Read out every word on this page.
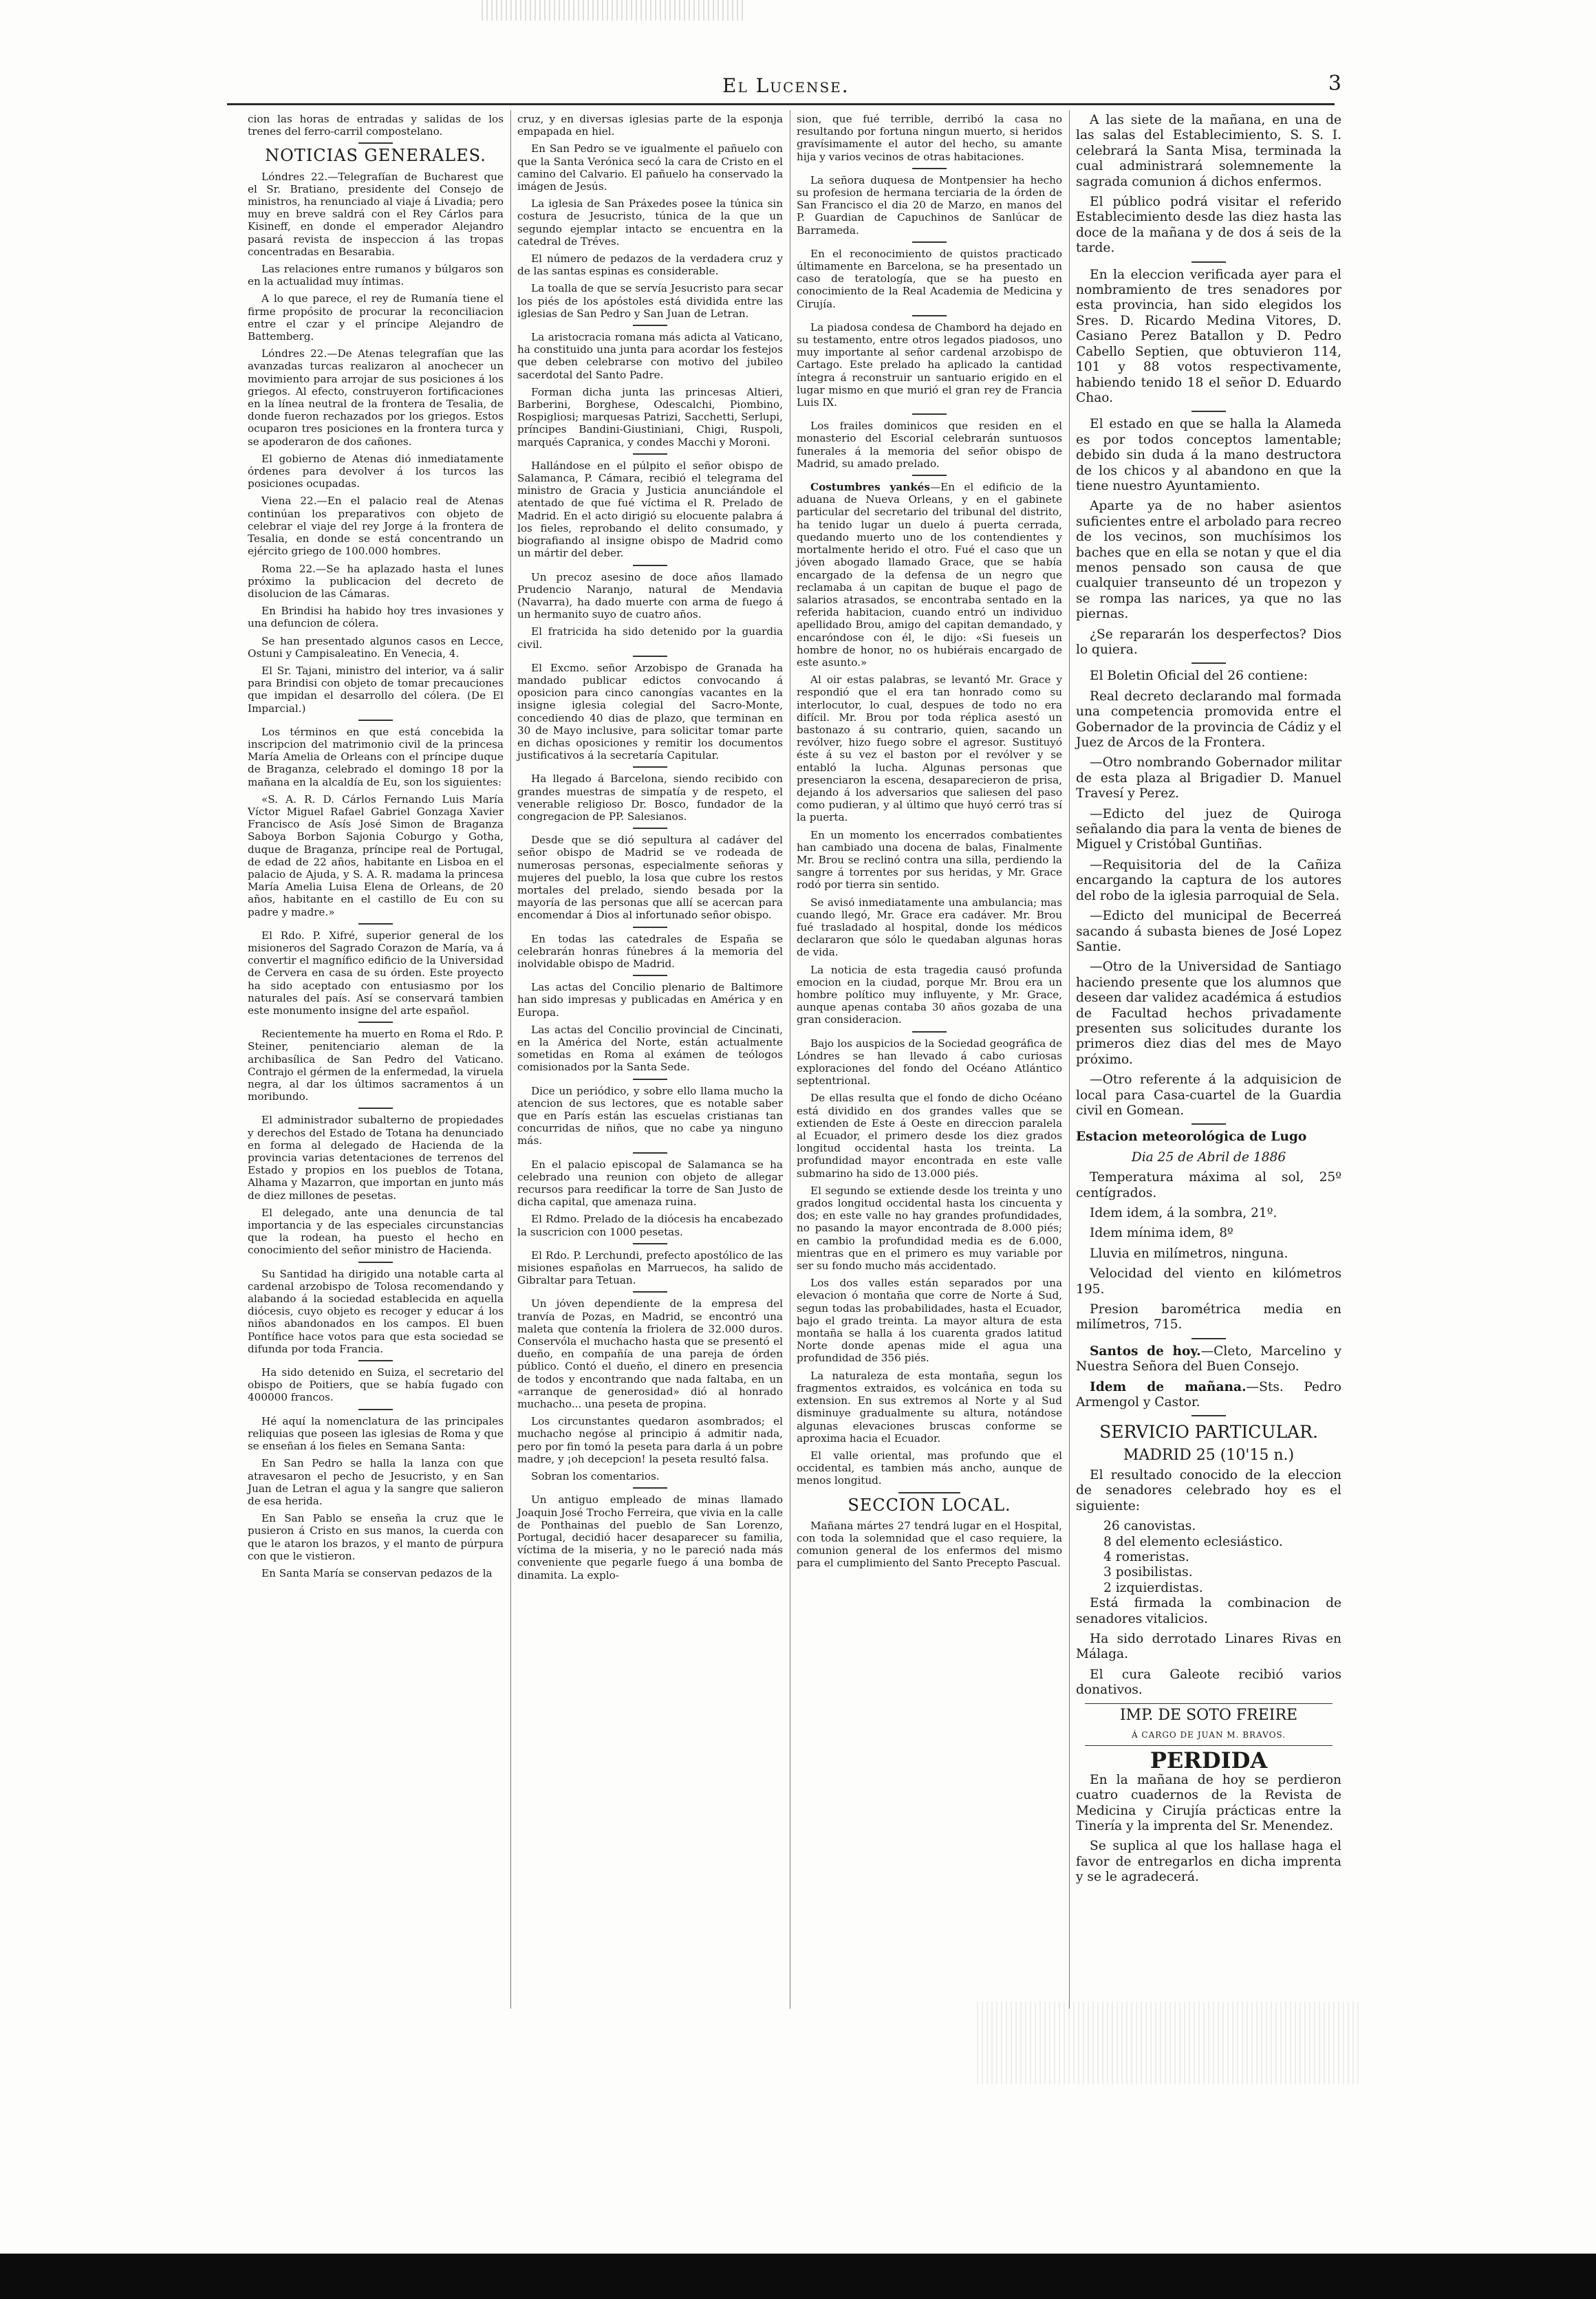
El Lucense.	3

cion las horas de entradas y salidas de los trenes del ferro-carril compostelano.

NOTICIAS GENERALES.

Lóndres 22.—Telegrafían de Bucharest que el Sr. Bratiano, presidente del Consejo de ministros, ha renunciado al viaje á Livadia; pero muy en breve saldrá con el Rey Cárlos para Kisineff, en donde el emperador Alejandro pasará revista de inspeccion á las tropas concentradas en Besarabia.

Las relaciones entre rumanos y búlgaros son en la actualidad muy íntimas.

A lo que parece, el rey de Rumanía tiene el firme propósito de procurar la reconciliacion entre el czar y el príncipe Alejandro de Battemberg.

Lóndres 22.—De Atenas telegrafían que las avanzadas turcas realizaron al anochecer un movimiento para arrojar de sus posiciones á los griegos. Al efecto, construyeron fortificaciones en la línea neutral de la frontera de Tesalia, de donde fueron rechazados por los griegos. Estos ocuparon tres posiciones en la frontera turca y se apoderaron de dos cañones.

El gobierno de Atenas dió inmediatamente órdenes para devolver á los turcos las posiciones ocupadas.

Viena 22.—En el palacio real de Atenas continúan los preparativos con objeto de celebrar el viaje del rey Jorge á la frontera de Tesalia, en donde se está concentrando un ejército griego de 100.000 hombres.

Roma 22.—Se ha aplazado hasta el lunes próximo la publicacion del decreto de disolucion de las Cámaras.

En Brindisi ha habido hoy tres invasiones y una defuncion de cólera.

Se han presentado algunos casos en Lecce, Ostuni y Campisaleatino. En Venecia, 4.

El Sr. Tajani, ministro del interior, va á salir para Brindisi con objeto de tomar precauciones que impidan el desarrollo del cólera. (De El Imparcial.)

Los términos en que está concebida la inscripcion del matrimonio civil de la princesa María Amelia de Orleans con el príncipe duque de Braganza, celebrado el domingo 18 por la mañana en la alcaldía de Eu, son los siguientes:

«S. A. R. D. Cárlos Fernando Luis María Víctor Miguel Rafael Gabriel Gonzaga Xavier Francisco de Asís José Simon de Braganza Saboya Borbon Sajonia Coburgo y Gotha, duque de Braganza, príncipe real de Portugal, de edad de 22 años, habitante en Lisboa en el palacio de Ajuda, y S. A. R. madama la princesa María Amelia Luisa Elena de Orleans, de 20 años, habitante en el castillo de Eu con su padre y madre.»

El Rdo. P. Xifré, superior general de los misioneros del Sagrado Corazon de María, va á convertir el magnífico edificio de la Universidad de Cervera en casa de su órden. Este proyecto ha sido aceptado con entusiasmo por los naturales del país. Así se conservará tambien este monumento insigne del arte español.

Recientemente ha muerto en Roma el Rdo. P. Steiner, penitenciario aleman de la archibasílica de San Pedro del Vaticano. Contrajo el gérmen de la enfermedad, la viruela negra, al dar los últimos sacramentos á un moribundo.

El administrador subalterno de propiedades y derechos del Estado de Totana ha denunciado en forma al delegado de Hacienda de la provincia varias detentaciones de terrenos del Estado y propios en los pueblos de Totana, Alhama y Mazarron, que importan en junto más de diez millones de pesetas.

El delegado, ante una denuncia de tal importancia y de las especiales circunstancias que la rodean, ha puesto el hecho en conocimiento del señor ministro de Hacienda.

Su Santidad ha dirigido una notable carta al cardenal arzobispo de Tolosa recomendando y alabando á la sociedad establecida en aquella diócesis, cuyo objeto es recoger y educar á los niños abandonados en los campos. El buen Pontífice hace votos para que esta sociedad se difunda por toda Francia.

Ha sido detenido en Suiza, el secretario del obispo de Poitiers, que se había fugado con 400000 francos.

Hé aquí la nomenclatura de las principales reliquias que poseen las iglesias de Roma y que se enseñan á los fieles en Semana Santa:

En San Pedro se halla la lanza con que atravesaron el pecho de Jesucristo, y en San Juan de Letran el agua y la sangre que salieron de esa herida.

En San Pablo se enseña la cruz que le pusieron á Cristo en sus manos, la cuerda con que le ataron los brazos, y el manto de púrpura con que le vistieron.

En Santa María se conservan pedazos de la

cruz, y en diversas iglesias parte de la esponja empapada en hiel.

En San Pedro se ve igualmente el pañuelo con que la Santa Verónica secó la cara de Cristo en el camino del Calvario. El pañuelo ha conservado la imágen de Jesús.

La iglesia de San Práxedes posee la túnica sin costura de Jesucristo, túnica de la que un segundo ejemplar intacto se encuentra en la catedral de Tréves.

El número de pedazos de la verdadera cruz y de las santas espinas es considerable.

La toalla de que se servía Jesucristo para secar los piés de los apóstoles está dividida entre las iglesias de San Pedro y San Juan de Letran.

La aristocracia romana más adicta al Vaticano, ha constituido una junta para acordar los festejos que deben celebrarse con motivo del jubileo sacerdotal del Santo Padre.

Forman dicha junta las princesas Altieri, Barberini, Borghese, Odescalchi, Piombino, Rospigliosi; marquesas Patrizi, Sacchetti, Serlupi, príncipes Bandini-Giustiniani, Chigi, Ruspoli, marqués Capranica, y condes Macchi y Moroni.

Hallándose en el púlpito el señor obispo de Salamanca, P. Cámara, recibió el telegrama del ministro de Gracia y Justicia anunciándole el atentado de que fué víctima el R. Prelado de Madrid. En el acto dirigió su elocuente palabra á los fieles, reprobando el delito consumado, y biografiando al insigne obispo de Madrid como un mártir del deber.

Un precoz asesino de doce años llamado Prudencio Naranjo, natural de Mendavia (Navarra), ha dado muerte con arma de fuego á un hermanito suyo de cuatro años.

El fratricida ha sido detenido por la guardia civil.

El Excmo. señor Arzobispo de Granada ha mandado publicar edictos convocando á oposicion para cinco canongías vacantes en la insigne iglesia colegial del Sacro-Monte, concediendo 40 dias de plazo, que terminan en 30 de Mayo inclusive, para solicitar tomar parte en dichas oposiciones y remitir los documentos justificativos á la secretaría Capitular.

Ha llegado á Barcelona, siendo recibido con grandes muestras de simpatía y de respeto, el venerable religioso Dr. Bosco, fundador de la congregacion de PP. Salesianos.

Desde que se dió sepultura al cadáver del señor obispo de Madrid se ve rodeada de numerosas personas, especialmente señoras y mujeres del pueblo, la losa que cubre los restos mortales del prelado, siendo besada por la mayoría de las personas que allí se acercan para encomendar á Dios al infortunado señor obispo.

En todas las catedrales de España se celebrarán honras fúnebres á la memoria del inolvidable obispo de Madrid.

Las actas del Concilio plenario de Baltimore han sido impresas y publicadas en América y en Europa.

Las actas del Concilio provincial de Cincinati, en la América del Norte, están actualmente sometidas en Roma al exámen de teólogos comisionados por la Santa Sede.

Dice un periódico, y sobre ello llama mucho la atencion de sus lectores, que es notable saber que en París están las escuelas cristianas tan concurridas de niños, que no cabe ya ninguno más.

En el palacio episcopal de Salamanca se ha celebrado una reunion con objeto de allegar recursos para reedificar la torre de San Justo de dicha capital, que amenaza ruina.

El Rdmo. Prelado de la diócesis ha encabezado la suscricion con 1000 pesetas.

El Rdo. P. Lerchundi, prefecto apostólico de las misiones españolas en Marruecos, ha salido de Gibraltar para Tetuan.

Un jóven dependiente de la empresa del tranvía de Pozas, en Madrid, se encontró una maleta que contenía la friolera de 32.000 duros. Conservóla el muchacho hasta que se presentó el dueño, en compañía de una pareja de órden público. Contó el dueño, el dinero en presencia de todos y encontrando que nada faltaba, en un «arranque de generosidad» dió al honrado muchacho... una peseta de propina.

Los circunstantes quedaron asombrados; el muchacho negóse al principio á admitir nada, pero por fin tomó la peseta para darla á un pobre madre, y ¡oh decepcion! la peseta resultó falsa.

Sobran los comentarios.

Un antiguo empleado de minas llamado Joaquin José Trocho Ferreira, que vivia en la calle de Ponthainas del pueblo de San Lorenzo, Portugal, decidió hacer desaparecer su familia, víctima de la miseria, y no le pareció nada más conveniente que pegarle fuego á una bomba de dinamita. La explo-

sion, que fué terrible, derribó la casa no resultando por fortuna ningun muerto, si heridos gravísimamente el autor del hecho, su amante hija y varios vecinos de otras habitaciones.

La señora duquesa de Montpensier ha hecho su profesion de hermana terciaria de la órden de San Francisco el dia 20 de Marzo, en manos del P. Guardian de Capuchinos de Sanlúcar de Barrameda.

En el reconocimiento de quistos practicado últimamente en Barcelona, se ha presentado un caso de teratología, que se ha puesto en conocimiento de la Real Academia de Medicina y Cirujía.

La piadosa condesa de Chambord ha dejado en su testamento, entre otros legados piadosos, uno muy importante al señor cardenal arzobispo de Cartago. Este prelado ha aplicado la cantidad íntegra á reconstruir un santuario erigido en el lugar mismo en que murió el gran rey de Francia Luis IX.

Los frailes dominicos que residen en el monasterio del Escorial celebrarán suntuosos funerales á la memoria del señor obispo de Madrid, su amado prelado.

Costumbres yankés—En el edificio de la aduana de Nueva Orleans, y en el gabinete particular del secretario del tribunal del distrito, ha tenido lugar un duelo á puerta cerrada, quedando muerto uno de los contendientes y mortalmente herido el otro. Fué el caso que un jóven abogado llamado Grace, que se había encargado de la defensa de un negro que reclamaba á un capitan de buque el pago de salarios atrasados, se encontraba sentado en la referida habitacion, cuando entró un individuo apellidado Brou, amigo del capitan demandado, y encaróndose con él, le dijo: «Si fueseis un hombre de honor, no os hubiérais encargado de este asunto.»

Al oir estas palabras, se levantó Mr. Grace y respondió que el era tan honrado como su interlocutor, lo cual, despues de todo no era difícil. Mr. Brou por toda réplica asestó un bastonazo á su contrario, quien, sacando un revólver, hizo fuego sobre el agresor. Sustituyó éste á su vez el baston por el revólver y se entabló la lucha. Algunas personas que presenciaron la escena, desaparecieron de prisa, dejando á los adversarios que saliesen del paso como pudieran, y al último que huyó cerró tras sí la puerta.

En un momento los encerrados combatientes han cambiado una docena de balas, Finalmente Mr. Brou se reclinó contra una silla, perdiendo la sangre á torrentes por sus heridas, y Mr. Grace rodó por tierra sin sentido.

Se avisó inmediatamente una ambulancia; mas cuando llegó, Mr. Grace era cadáver. Mr. Brou fué trasladado al hospital, donde los médicos declararon que sólo le quedaban algunas horas de vida.

La noticia de esta tragedia causó profunda emocion en la ciudad, porque Mr. Brou era un hombre político muy influyente, y Mr. Grace, aunque apenas contaba 30 años gozaba de una gran consideracion.

Bajo los auspicios de la Sociedad geográfica de Lóndres se han llevado á cabo curiosas exploraciones del fondo del Océano Atlántico septentrional.

De ellas resulta que el fondo de dicho Océano está dividido en dos grandes valles que se extienden de Este á Oeste en direccion paralela al Ecuador, el primero desde los diez grados longitud occidental hasta los treinta. La profundidad mayor encontrada en este valle submarino ha sido de 13.000 piés.

El segundo se extiende desde los treinta y uno grados longitud occidental hasta los cincuenta y dos; en este valle no hay grandes profundidades, no pasando la mayor encontrada de 8.000 piés; en cambio la profundidad media es de 6.000, mientras que en el primero es muy variable por ser su fondo mucho más accidentado.

Los dos valles están separados por una elevacion ó montaña que corre de Norte á Sud, segun todas las probabilidades, hasta el Ecuador, bajo el grado treinta. La mayor altura de esta montaña se halla á los cuarenta grados latitud Norte donde apenas mide el agua una profundidad de 356 piés.

La naturaleza de esta montaña, segun los fragmentos extraidos, es volcánica en toda su extension. En sus extremos al Norte y al Sud disminuye gradualmente su altura, notándose algunas elevaciones bruscas conforme se aproxima hacia el Ecuador.

El valle oriental, mas profundo que el occidental, es tambien más ancho, aunque de menos longitud.

SECCION LOCAL.

Mañana mártes 27 tendrá lugar en el Hospital, con toda la solemnidad que el caso requiere, la comunion general de los enfermos del mismo para el cumplimiento del Santo Precepto Pascual.

A las siete de la mañana, en una de las salas del Establecimiento, S. S. I. celebrará la Santa Misa, terminada la cual administrará solemnemente la sagrada comunion á dichos enfermos.

El público podrá visitar el referido Establecimiento desde las diez hasta las doce de la mañana y de dos á seis de la tarde.

En la eleccion verificada ayer para el nombramiento de tres senadores por esta provincia, han sido elegidos los Sres. D. Ricardo Medina Vitores, D. Casiano Perez Batallon y D. Pedro Cabello Septien, que obtuvieron 114, 101 y 88 votos respectivamente, habiendo tenido 18 el señor D. Eduardo Chao.

El estado en que se halla la Alameda es por todos conceptos lamentable; debido sin duda á la mano destructora de los chicos y al abandono en que la tiene nuestro Ayuntamiento.

Aparte ya de no haber asientos suficientes entre el arbolado para recreo de los vecinos, son muchísimos los baches que en ella se notan y que el dia menos pensado son causa de que cualquier transeunto dé un tropezon y se rompa las narices, ya que no las piernas.

¿Se repararán los desperfectos? Dios lo quiera.

El Boletin Oficial del 26 contiene:

Real decreto declarando mal formada una competencia promovida entre el Gobernador de la provincia de Cádiz y el Juez de Arcos de la Frontera.

—Otro nombrando Gobernador militar de esta plaza al Brigadier D. Manuel Travesí y Perez.

—Edicto del juez de Quiroga señalando dia para la venta de bienes de Miguel y Cristóbal Guntiñas.

—Requisitoria del de la Cañiza encargando la captura de los autores del robo de la iglesia parroquial de Sela.

—Edicto del municipal de Becerreá sacando á subasta bienes de José Lopez Santie.

—Otro de la Universidad de Santiago haciendo presente que los alumnos que deseen dar validez académica á estudios de Facultad hechos privadamente presenten sus solicitudes durante los primeros diez dias del mes de Mayo próximo.

—Otro referente á la adquisicion de local para Casa-cuartel de la Guardia civil en Gomean.

Estacion meteorológica de Lugo

Dia 25 de Abril de 1886

Temperatura máxima al sol, 25º centígrados.

Idem idem, á la sombra, 21º.

Idem mínima idem, 8º

Lluvia en milímetros, ninguna.

Velocidad del viento en kilómetros 195.

Presion barométrica media en milímetros, 715.

Santos de hoy.—Cleto, Marcelino y Nuestra Señora del Buen Consejo.

Idem de mañana.—Sts. Pedro Armengol y Castor.

SERVICIO PARTICULAR.
MADRID 25 (10'15 n.)

El resultado conocido de la eleccion de senadores celebrado hoy es el siguiente:

26 canovistas.
8 del elemento eclesiástico.
4 romeristas.
3 posibilistas.
2 izquierdistas.

Está firmada la combinacion de senadores vitalicios.

Ha sido derrotado Linares Rivas en Málaga.

El cura Galeote recibió varios donativos.

IMP. DE SOTO FREIRE
Á CARGO DE JUAN M. BRAVOS.
PERDIDA

En la mañana de hoy se perdieron cuatro cuadernos de la Revista de Medicina y Cirujía prácticas entre la Tinería y la imprenta del Sr. Menendez.

Se suplica al que los hallase haga el favor de entregarlos en dicha imprenta y se le agradecerá.
